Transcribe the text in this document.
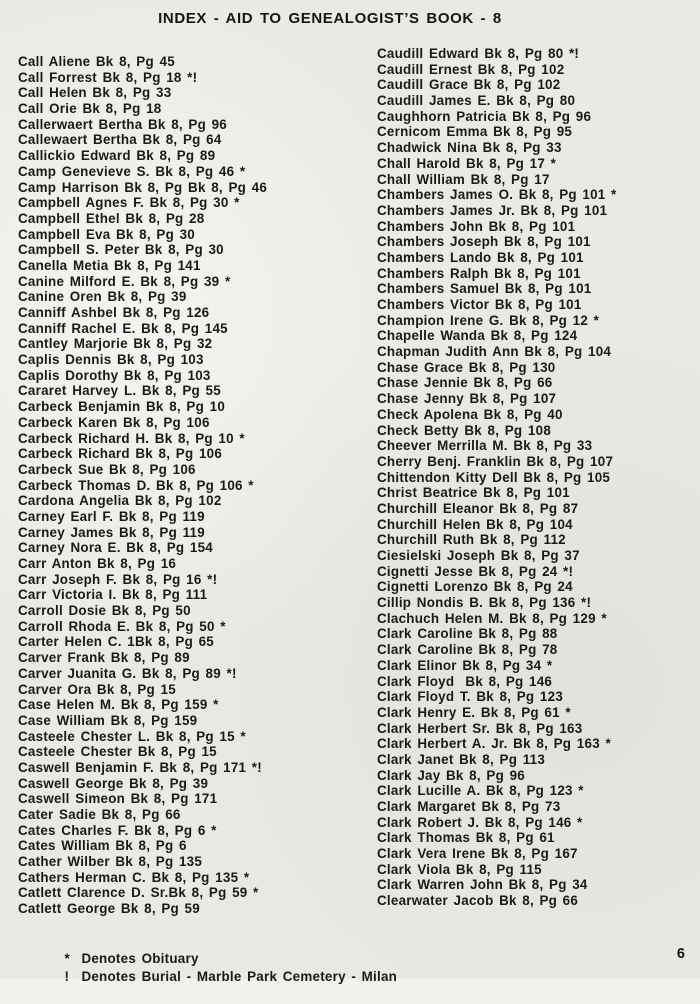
INDEX - AID TO GENEALOGIST’S BOOK - 8
Call Aliene Bk 8, Pg 45
Call Forrest Bk 8, Pg 18 *!
Call Helen Bk 8, Pg 33
Call Orie Bk 8, Pg 18
Callerwaert Bertha Bk 8, Pg 96
Callewaert Bertha Bk 8, Pg 64
Callickio Edward Bk 8, Pg 89
Camp Genevieve S. Bk 8, Pg 46 *
Camp Harrison Bk 8, Pg Bk 8, Pg 46
Campbell Agnes F. Bk 8, Pg 30 *
Campbell Ethel Bk 8, Pg 28
Campbell Eva Bk 8, Pg 30
Campbell S. Peter Bk 8, Pg 30
Canella Metia Bk 8, Pg 141
Canine Milford E. Bk 8, Pg 39 *
Canine Oren Bk 8, Pg 39
Canniff Ashbel Bk 8, Pg 126
Canniff Rachel E. Bk 8, Pg 145
Cantley Marjorie Bk 8, Pg 32
Caplis Dennis Bk 8, Pg 103
Caplis Dorothy Bk 8, Pg 103
Cararet Harvey L. Bk 8, Pg 55
Carbeck Benjamin Bk 8, Pg 10
Carbeck Karen Bk 8, Pg 106
Carbeck Richard H. Bk 8, Pg 10 *
Carbeck Richard Bk 8, Pg 106
Carbeck Sue Bk 8, Pg 106
Carbeck Thomas D. Bk 8, Pg 106 *
Cardona Angelia Bk 8, Pg 102
Carney Earl F. Bk 8, Pg 119
Carney James Bk 8, Pg 119
Carney Nora E. Bk 8, Pg 154
Carr Anton Bk 8, Pg 16
Carr Joseph F. Bk 8, Pg 16 *!
Carr Victoria I. Bk 8, Pg 111
Carroll Dosie Bk 8, Pg 50
Carroll Rhoda E. Bk 8, Pg 50 *
Carter Helen C. 1Bk 8, Pg 65
Carver Frank Bk 8, Pg 89
Carver Juanita G. Bk 8, Pg 89 *!
Carver Ora Bk 8, Pg 15
Case Helen M. Bk 8, Pg 159 *
Case William Bk 8, Pg 159
Casteele Chester L. Bk 8, Pg 15 *
Casteele Chester Bk 8, Pg 15
Caswell Benjamin F. Bk 8, Pg 171 *!
Caswell George Bk 8, Pg 39
Caswell Simeon Bk 8, Pg 171
Cater Sadie Bk 8, Pg 66
Cates Charles F. Bk 8, Pg 6 *
Cates William Bk 8, Pg 6
Cather Wilber Bk 8, Pg 135
Cathers Herman C. Bk 8, Pg 135 *
Catlett Clarence D. Sr.Bk 8, Pg 59 *
Catlett George Bk 8, Pg 59
Caudill Edward Bk 8, Pg 80 *!
Caudill Ernest Bk 8, Pg 102
Caudill Grace Bk 8, Pg 102
Caudill James E. Bk 8, Pg 80
Caughhorn Patricia Bk 8, Pg 96
Cernicom Emma Bk 8, Pg 95
Chadwick Nina Bk 8, Pg 33
Chall Harold Bk 8, Pg 17 *
Chall William Bk 8, Pg 17
Chambers James O. Bk 8, Pg 101 *
Chambers James Jr. Bk 8, Pg 101
Chambers John Bk 8, Pg 101
Chambers Joseph Bk 8, Pg 101
Chambers Lando Bk 8, Pg 101
Chambers Ralph Bk 8, Pg 101
Chambers Samuel Bk 8, Pg 101
Chambers Victor Bk 8, Pg 101
Champion Irene G. Bk 8, Pg 12 *
Chapelle Wanda Bk 8, Pg 124
Chapman Judith Ann Bk 8, Pg 104
Chase Grace Bk 8, Pg 130
Chase Jennie Bk 8, Pg 66
Chase Jenny Bk 8, Pg 107
Check Apolena Bk 8, Pg 40
Check Betty Bk 8, Pg 108
Cheever Merrilla M. Bk 8, Pg 33
Cherry Benj. Franklin Bk 8, Pg 107
Chittendon Kitty Dell Bk 8, Pg 105
Christ Beatrice Bk 8, Pg 101
Churchill Eleanor Bk 8, Pg 87
Churchill Helen Bk 8, Pg 104
Churchill Ruth Bk 8, Pg 112
Ciesielski Joseph Bk 8, Pg 37
Cignetti Jesse Bk 8, Pg 24 *!
Cignetti Lorenzo Bk 8, Pg 24
Cillip Nondis B. Bk 8, Pg 136 *!
Clachuch Helen M. Bk 8, Pg 129 *
Clark Caroline Bk 8, Pg 88
Clark Caroline Bk 8, Pg 78
Clark Elinor Bk 8, Pg 34 *
Clark Floyd  Bk 8, Pg 146
Clark Floyd T. Bk 8, Pg 123
Clark Henry E. Bk 8, Pg 61 *
Clark Herbert Sr. Bk 8, Pg 163
Clark Herbert A. Jr. Bk 8, Pg 163 *
Clark Janet Bk 8, Pg 113
Clark Jay Bk 8, Pg 96
Clark Lucille A. Bk 8, Pg 123 *
Clark Margaret Bk 8, Pg 73
Clark Robert J. Bk 8, Pg 146 *
Clark Thomas Bk 8, Pg 61
Clark Vera Irene Bk 8, Pg 167
Clark Viola Bk 8, Pg 115
Clark Warren John Bk 8, Pg 34
Clearwater Jacob Bk 8, Pg 66

* Denotes Obituary

! Denotes Burial - Marble Park Cemetery - Milan

6
